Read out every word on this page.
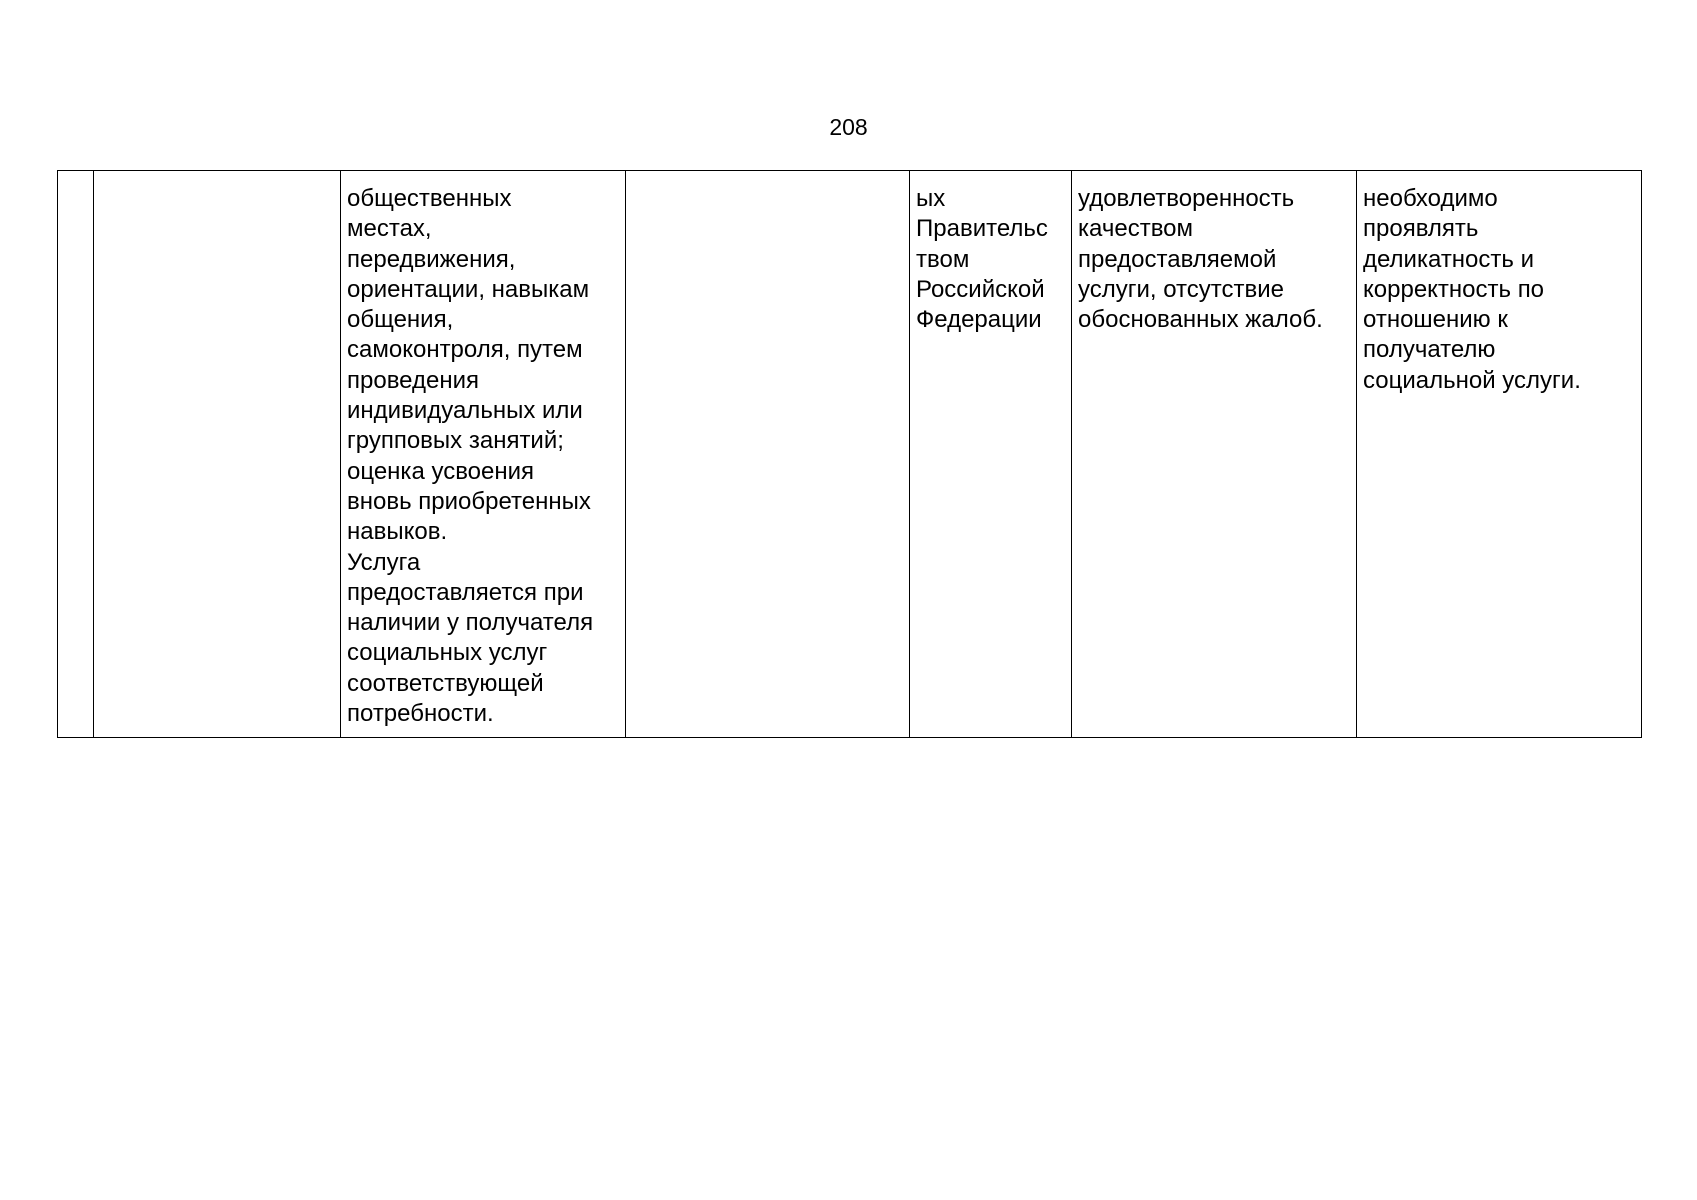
208
		общественных
местах,
передвижения,
ориентации, навыкам
общения,
самоконтроля, путем
проведения
индивидуальных или
групповых занятий;
оценка усвоения
вновь приобретенных
навыков.
Услуга
предоставляется при
наличии у получателя
социальных услуг
соответствующей
потребности.		ых
Правительс
твом
Российской
Федерации	удовлетворенность
качеством
предоставляемой
услуги, отсутствие
обоснованных жалоб.	необходимо
проявлять
деликатность и
корректность по
отношению к
получателю
социальной услуги.
